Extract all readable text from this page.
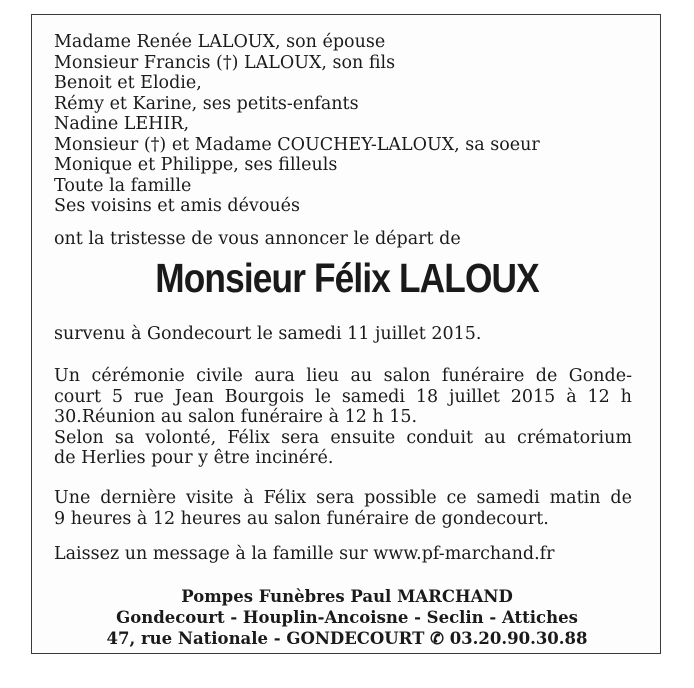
Madame Renée LALOUX, son épouse
Monsieur Francis (†) LALOUX, son fils
Benoit et Elodie,
Rémy et Karine, ses petits-enfants
Nadine LEHIR,
Monsieur (†) et Madame COUCHEY-LALOUX, sa soeur
Monique et Philippe, ses filleuls
Toute la famille
Ses voisins et amis dévoués
ont la tristesse de vous annoncer le départ de
Monsieur Félix LALOUX
survenu à Gondecourt le samedi 11 juillet 2015.
Un cérémonie civile aura lieu au salon funéraire de Gonde-
court 5 rue Jean Bourgois le samedi 18 juillet 2015 à 12 h
30.Réunion au salon funéraire à 12 h 15.
Selon sa volonté, Félix sera ensuite conduit au crématorium
de Herlies pour y être incinéré.
Une dernière visite à Félix sera possible ce samedi matin de
9 heures à 12 heures au salon funéraire de gondecourt.
Laissez un message à la famille sur www.pf-marchand.fr
Pompes Funèbres Paul MARCHAND
Gondecourt - Houplin-Ancoisne - Seclin - Attiches
47, rue Nationale - GONDECOURT ✆ 03.20.90.30.88
